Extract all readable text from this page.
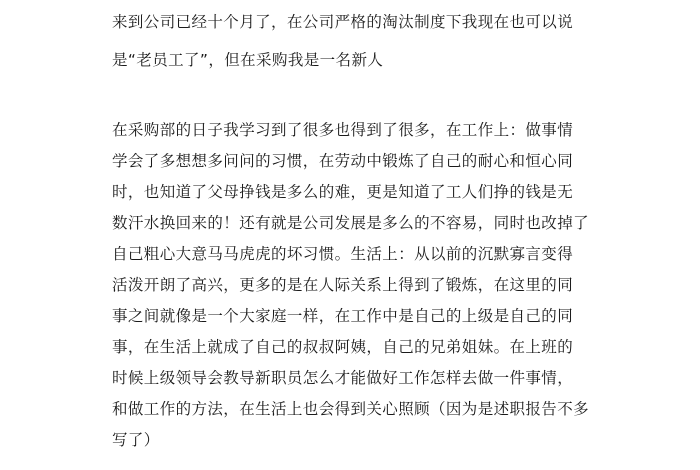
来到公司已经十个月了，在公司严格的淘汰制度下我现在也可以说
是“老员工了”，但在采购我是一名新人
在采购部的日子我学习到了很多也得到了很多，在工作上：做事情
学会了多想想多问问的习惯，在劳动中锻炼了自己的耐心和恒心同
时，也知道了父母挣钱是多么的难，更是知道了工人们挣的钱是无
数汗水换回来的！还有就是公司发展是多么的不容易，同时也改掉了
自己粗心大意马马虎虎的坏习惯。生活上：从以前的沉默寡言变得
活泼开朗了高兴，更多的是在人际关系上得到了锻炼，在这里的同
事之间就像是一个大家庭一样，在工作中是自己的上级是自己的同
事，在生活上就成了自己的叔叔阿姨，自己的兄弟姐妹。在上班的
时候上级领导会教导新职员怎么才能做好工作怎样去做一件事情，
和做工作的方法，在生活上也会得到关心照顾（因为是述职报告不多
写了）
